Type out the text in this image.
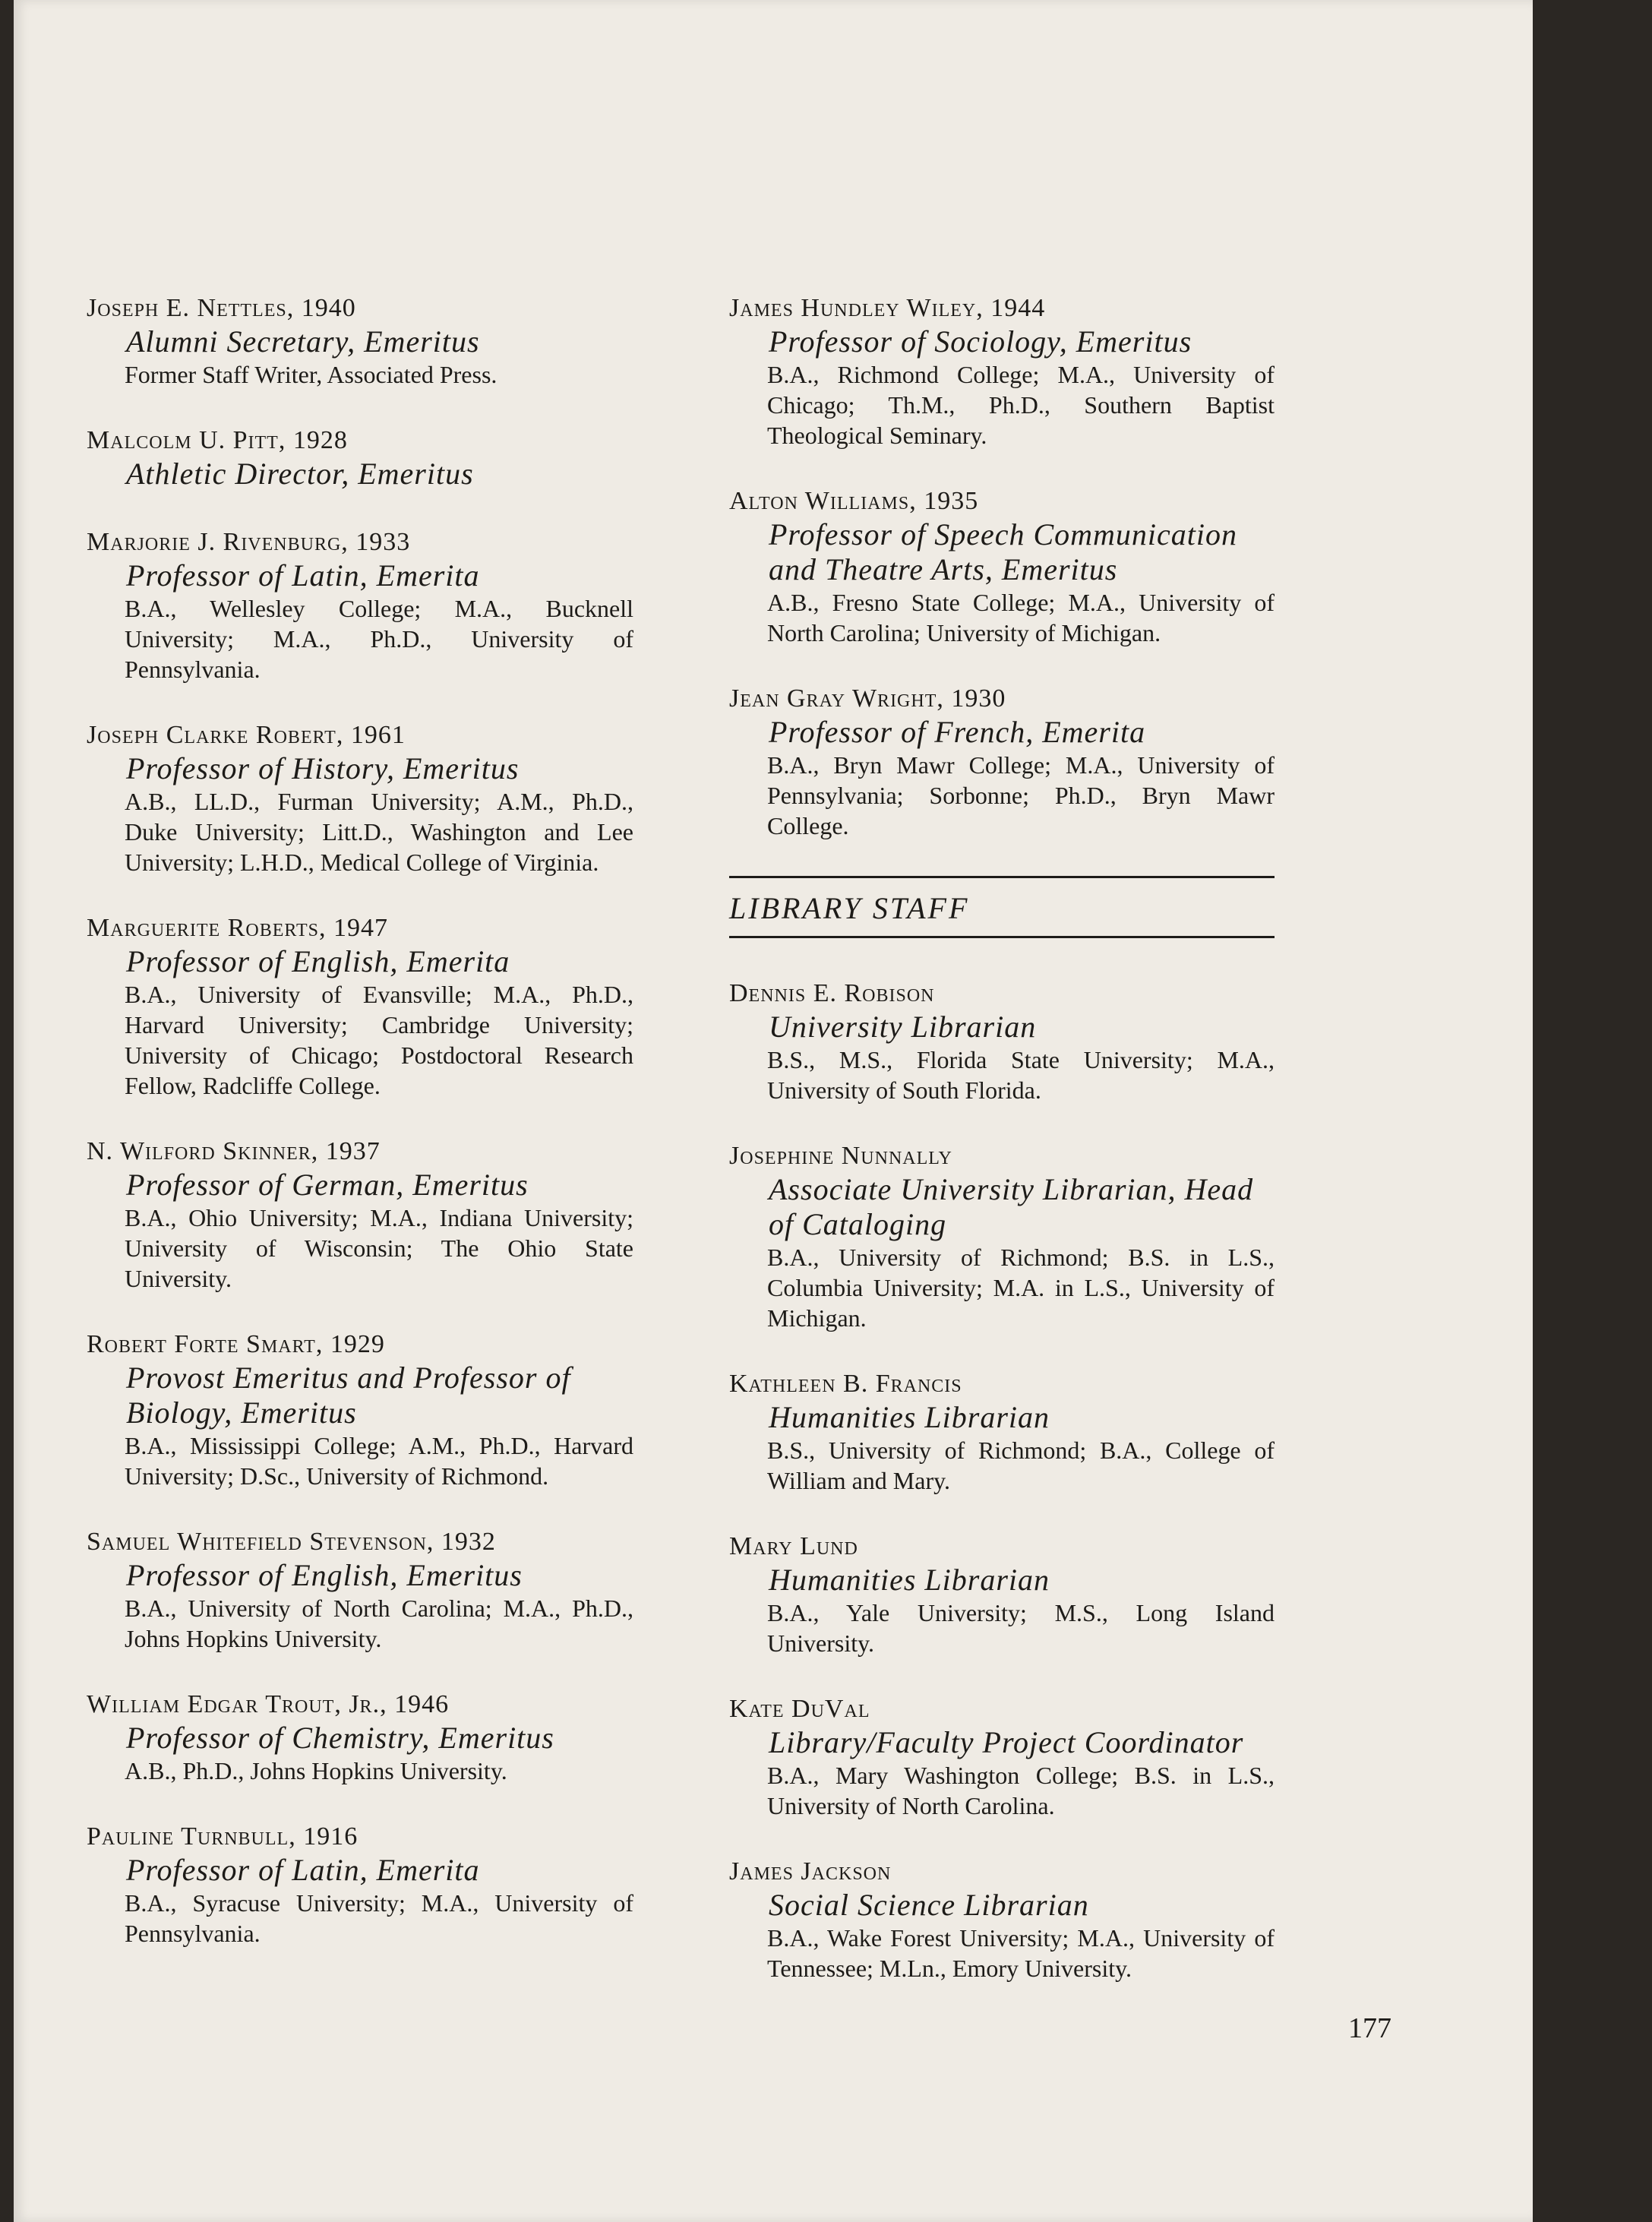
Joseph E. Nettles, 1940
Alumni Secretary, Emeritus
Former Staff Writer, Associated Press.
Malcolm U. Pitt, 1928
Athletic Director, Emeritus
Marjorie J. Rivenburg, 1933
Professor of Latin, Emerita
B.A., Wellesley College; M.A., Bucknell University; M.A., Ph.D., University of Pennsylvania.
Joseph Clarke Robert, 1961
Professor of History, Emeritus
A.B., LL.D., Furman University; A.M., Ph.D., Duke University; Litt.D., Washington and Lee University; L.H.D., Medical College of Virginia.
Marguerite Roberts, 1947
Professor of English, Emerita
B.A., University of Evansville; M.A., Ph.D., Harvard University; Cambridge University; University of Chicago; Postdoctoral Research Fellow, Radcliffe College.
N. Wilford Skinner, 1937
Professor of German, Emeritus
B.A., Ohio University; M.A., Indiana University; University of Wisconsin; The Ohio State University.
Robert Forte Smart, 1929
Provost Emeritus and Professor of Biology, Emeritus
B.A., Mississippi College; A.M., Ph.D., Harvard University; D.Sc., University of Richmond.
Samuel Whitefield Stevenson, 1932
Professor of English, Emeritus
B.A., University of North Carolina; M.A., Ph.D., Johns Hopkins University.
William Edgar Trout, Jr., 1946
Professor of Chemistry, Emeritus
A.B., Ph.D., Johns Hopkins University.
Pauline Turnbull, 1916
Professor of Latin, Emerita
B.A., Syracuse University; M.A., University of Pennsylvania.
James Hundley Wiley, 1944
Professor of Sociology, Emeritus
B.A., Richmond College; M.A., University of Chicago; Th.M., Ph.D., Southern Baptist Theological Seminary.
Alton Williams, 1935
Professor of Speech Communication and Theatre Arts, Emeritus
A.B., Fresno State College; M.A., University of North Carolina; University of Michigan.
Jean Gray Wright, 1930
Professor of French, Emerita
B.A., Bryn Mawr College; M.A., University of Pennsylvania; Sorbonne; Ph.D., Bryn Mawr College.
LIBRARY STAFF
Dennis E. Robison
University Librarian
B.S., M.S., Florida State University; M.A., University of South Florida.
Josephine Nunnally
Associate University Librarian, Head of Cataloging
B.A., University of Richmond; B.S. in L.S., Columbia University; M.A. in L.S., University of Michigan.
Kathleen B. Francis
Humanities Librarian
B.S., University of Richmond; B.A., College of William and Mary.
Mary Lund
Humanities Librarian
B.A., Yale University; M.S., Long Island University.
Kate DuVal
Library/Faculty Project Coordinator
B.A., Mary Washington College; B.S. in L.S., University of North Carolina.
James Jackson
Social Science Librarian
B.A., Wake Forest University; M.A., University of Tennessee; M.Ln., Emory University.
177
